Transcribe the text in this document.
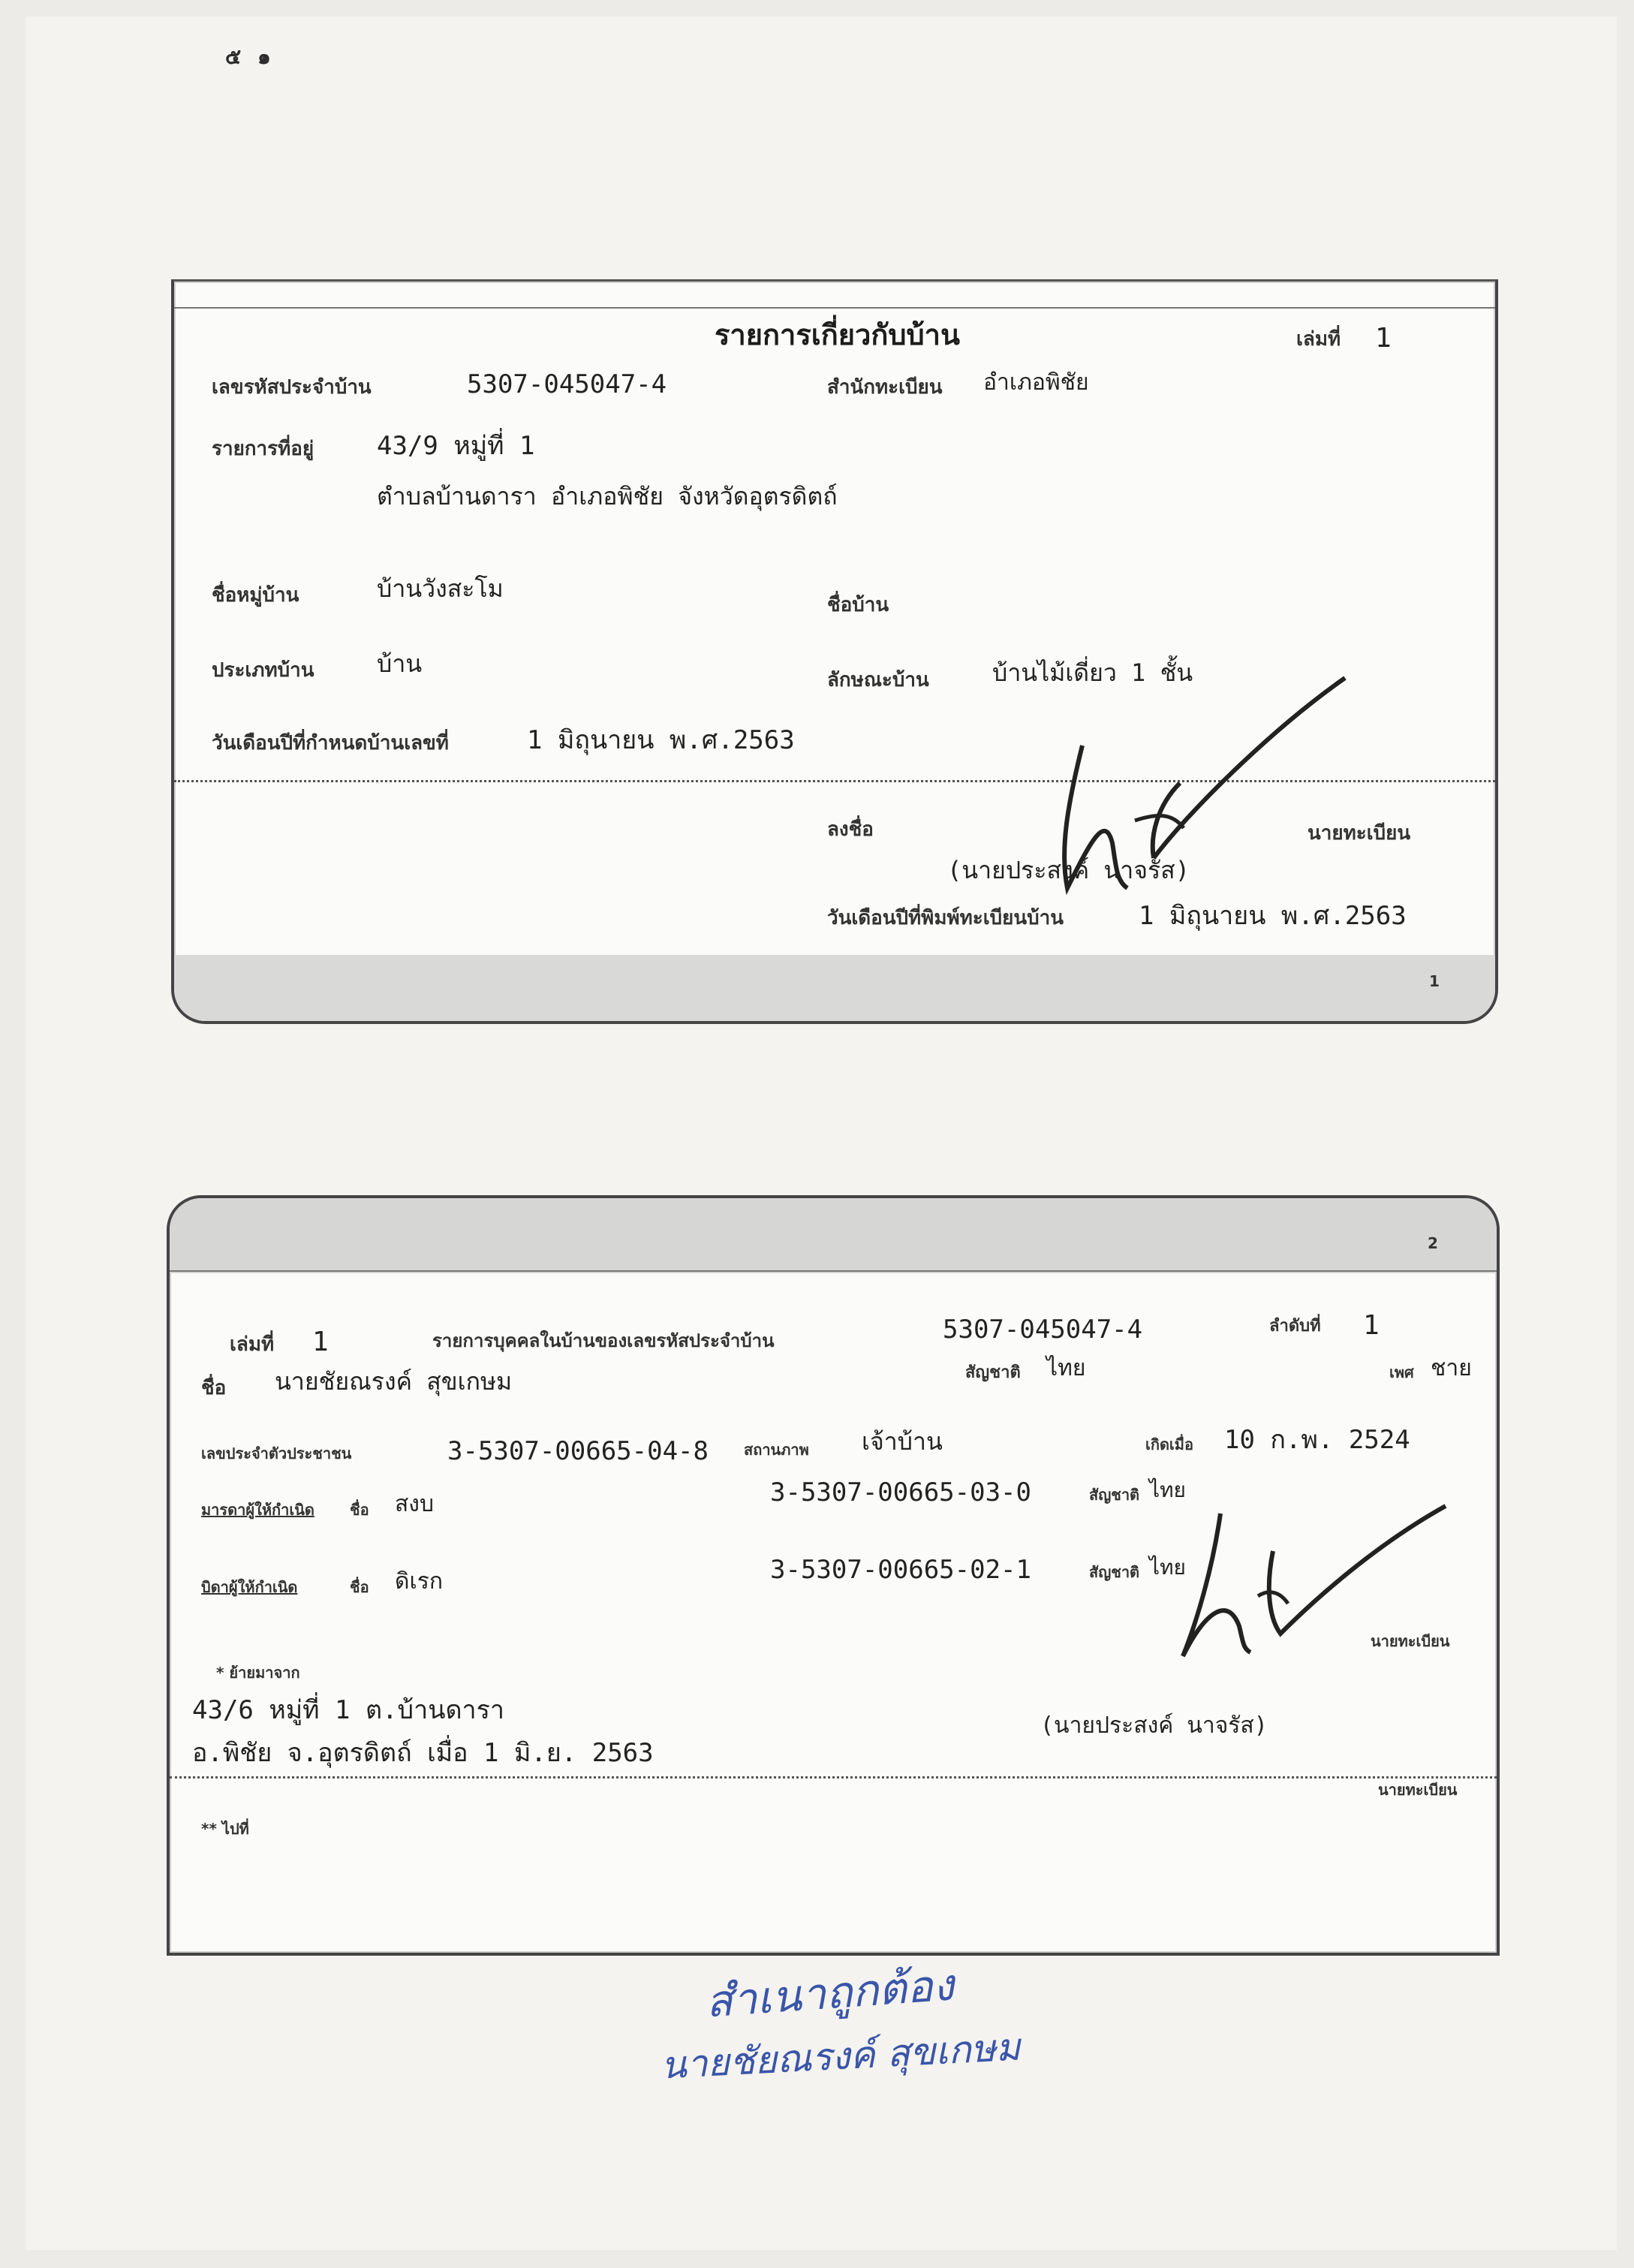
๕ ๑
รายการเกี่ยวกับบ้าน	เล่มที่ 1
เลขรหัสประจำบ้าน	5307-045047-4	สำนักทะเบียน อำเภอพิชัย
รายการที่อยู่ 43/9 หมู่ที่ 1
ตำบลบ้านดารา อำเภอพิชัย จังหวัดอุตรดิตถ์
ชื่อหมู่บ้าน	บ้านวังสะโม
ชื่อบ้าน
ประเภทบ้าน	บ้าน
ลักษณะบ้าน	บ้านไม้เดี่ยว 1 ชั้น
วันเดือนปีที่กำหนดบ้านเลขที่	1 มิถุนายน พ.ศ.2563
ลงชื่อ	นายทะเบียน
(นายประสงค์ นาจรัส)
วันเดือนปีที่พิมพ์ทะเบียนบ้าน	1 มิถุนายน พ.ศ.2563
1
2
เล่มที่ 1	รายการบุคคลในบ้านของเลขรหัสประจำบ้าน	5307-045047-4	ลำดับที่ 1
ชื่อ นายชัยณรงค์ สุขเกษม	สัญชาติ ไทย	เพศ ชาย
เลขประจำตัวประชาชน	3-5307-00665-04-8 สถานภาพ เจ้าบ้าน	เกิดเมื่อ 10 ก.พ. 2524
มารดาผู้ให้กำเนิด ชื่อ สงบ	3-5307-00665-03-0	สัญชาติ ไทย
บิดาผู้ให้กำเนิด	ชื่อ ดิเรก	3-5307-00665-02-1	สัญชาติ ไทย
* ย้ายมาจาก
43/6 หมู่ที่ 1 ต.บ้านดารา
อ.พิชัย จ.อุตรดิตถ์ เมื่อ 1 มิ.ย. 2563
นายทะเบียน
(นายประสงค์ นาจรัส)
นายทะเบียน
** ไปที่
สำเนาถูกต้อง
นายชัยณรงค์ สุขเกษม
